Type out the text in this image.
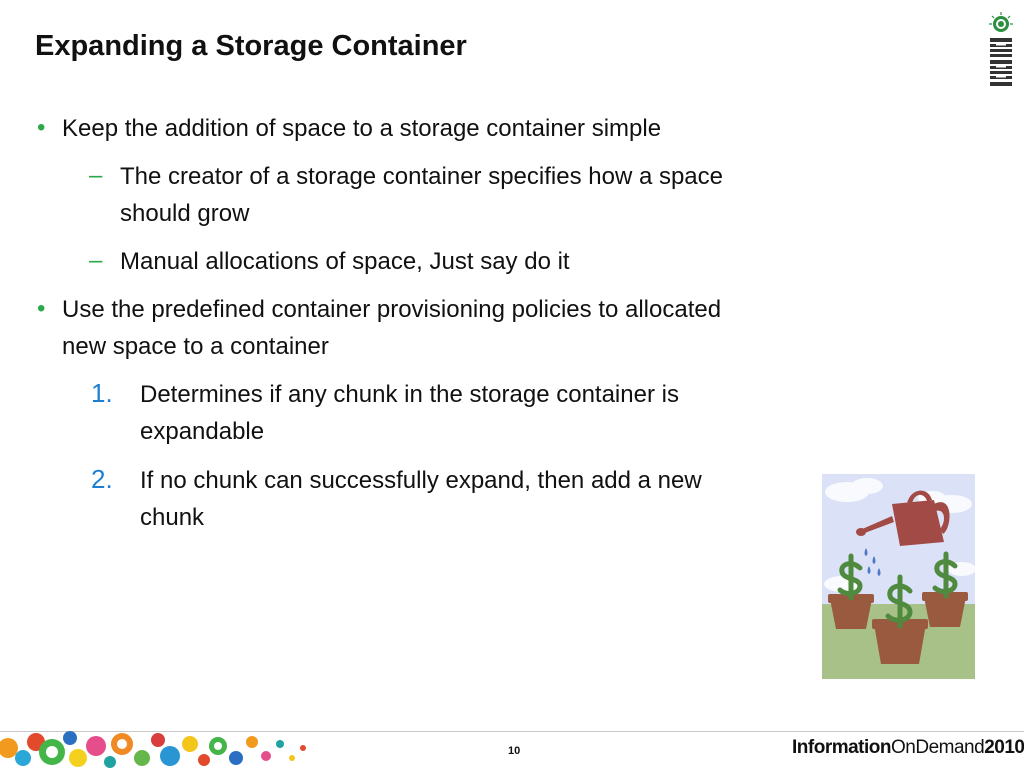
Expanding a Storage Container
• Keep the addition of space to a storage container simple
– The creator of a storage container specifies how a space
should grow
– Manual allocations of space, Just say do it
• Use the predefined container provisioning policies to allocated
new space to a container
1. Determines if any chunk in the storage container is
expandable
2. If no chunk can successfully expand, then add a new
chunk
10	InformationOnDemand2010
